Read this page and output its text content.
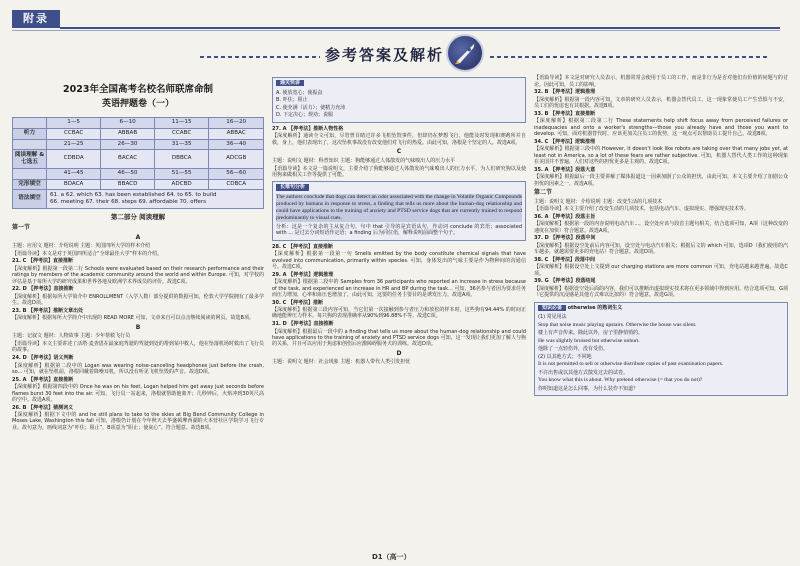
附录
参考答案及解析
2023年全国高考名校名师联席命制
英语押题卷（一）
	1—5	6—10	11—15	16—20
听力	CCBAC	ABBAB	CCABC	ABBAC
	21—25	26—30	31—35	36—40
阅读理解 & 七选五	CDBDA	BACAC	DBBCA	ADCGB
	41—45	46—50	51—55	56—60
完形填空	BDACA	BBACD	ADCBD	CDBCA
语法填空	61. a 62. which 63. has been established 64. to 65. to build
66. meeting 67. their 68. steps 69. affordable 70. offers			
第二部分 阅读理解
第一节
A

主题：应用文 题材：介绍说明 主题：英国四所大学的样本介绍

【语篇导读】本文是对于英国四所适合“全球最佳大学”样本的介绍。

21. C 【押考法】直接推断

【深度解析】根据第一段第二行 Schools were evaluated based on their research performance and their ratings by members of the academic community around the world and within Europe. 可知，对学校的评估是基于每所大学的研究成果和世界各地及欧洲学术界成员的评价。故选C项。

22. D 【押考法】直接推断

【深度解析】根据每所大学简介中 ENROLLMENT（入学人数）部分提供的数据可知，伦敦大学学院拥有了最多学生。故选D项。

23. B 【押考法】推断文章出处

【深度解析】根据每所大学简介中出现的 READ MORE 可知，文章来自可以点击继续阅读的网页。故选B项。

B

主题：记叙文 题材：人物故事 主题：少年帮救飞行员

【语篇导读】本文主要讲述了活塔·麦查恩在最家庭驾驶的驾驶到处的帮到某中救人，他在坠落机场时救出了飞行员的故事。

24. D 【押考法】语义判断

【深度解析】根据第二段中的 Logan was wearing noise-canceling headphones just before the crash, so... 可知，就在坠机前，洛根同戴着降噪耳机，所以没有听见飞机坠毁的声音。故选D项。

25. A 【押考法】直接推断

【深度解析】根据第四段中的 Once he was on his feet, Logan helped him get away just seconds before flames burst 30 feet into the air. 可知，飞行员一站起来，洛根就帮助他离开；几秒钟后，火焰冲到30英尺高的空中。故选A项。

26. B 【押考法】猜测词义

【深度解析】根据下文中的 and he still plans to take to the skies at Big Bend Community College in Moses Lake, Washington this fall 可知，洛根仍计划在今年秋天去华盛顿摩西湖的大本营社区学院学习飞行专业。故句意为，画线词意为“吓住；阻止”，B项意为“阻止；使灰心”。符合题意。故选B项。

通关快讲

A. 使放宽心；使振奋

B. 吓住；阻止

C. 使充满（活力）；使精力充沛

D. 下定决心；规劝；说服

27. A 【押考法】推断人物性格

【深度解析】通读全文可知，尽管曾目睹过许多飞机坠毁事件，但却仍在梦想飞行，他能及时发现和赛跑所并自救，身上，他们表现出了，这次坠机事故没有改变他们对飞行的热爱。由此可知，洛根是个坚定的人。故选A项。

C

主题：说明文 题材：科普知识 主题：狗能够通过人体散发的气味嗅出人的压力水平

【语篇导读】本文是一篇说明文，主要介绍了狗能够通过人体散发的气味嗅出人的压力水平，为人们研究狗以及使用狗来做相关工作等提供了可能。

长难句分析

The authors conclude that dogs can detect an odor associated with the change in Volatile Organic Compounds produced by humans in response to stress, a finding that tells us more about the human-dog relationship and could have applications to the training of anxiety and PTSD service dogs that are currently trained to respond predominantly to visual cues.

分析：这是一个复杂的主从复合句，句中 that 引导的是宾语从句，作动词 conclude 的宾语；associated with ... 是过去分词短语作定语；a finding 后为同位语，解释说明前面整个句子。

28. C 【押考法】直接推断

【深度解析】根据第一段第一句 Smells emitted by the body constitute chemical signals that have evolved into communication, primarily within species. 可知，身体发出的气味主要是作为物种间的沟通信号。故选C项。

29. A 【押考法】逻辑推理

【深度解析】根据第二段中的 Samples from 36 participants who reported an increase in stress because of the task, and experienced an increase in HR and BP during the task... 可知，36名参与者因为要求任务而压力增加，心率和血压也增加了，由此可知，这要的任务主要目的是诱发压力。故选A项。

30. C 【押考法】推断

【深度解析】根据第三段内容可知，当它们第一次接触到参与者压力和放松的样本时，这些狗有94.44% 的时间正确地能辨压力样本。每只狗的表现准确率从90%到96.88%不等。故选C项。

31. D 【押考法】直接推断

【深度解析】根据最后一段中的 a finding that tells us more about the human-dog relationship and could have applications to the training of anxiety and PTSD service dogs 可知，这一发现让我们更加了解人与狗的关系，并且可以应用于焦虑和创伤后应激障碍服务犬的训练。故选D项。

D

主题：说明文 题材：社会现象 主题：机器人带代人类引发担忧

【语篇导读】本文是对研究人员表示，机器常常会使用于员工的工作，而是非行为是否对他们有价值的问题与的讨论。因此可知，员工的影响。

32. B 【押考法】逻辑推理

【深度解析】根据第一段内容可知，文章的研究人员表示，机器会替代员工，这一现象常使员工产生恐惧与不安，员工们的忧虑也有其根据。故选B项。

33. B 【押考法】直接推断

【深度解析】根据第二段第二行 These statements help shift focus away from perceived failures or inadequacies and onto a worker's strengths—those you already have and those you want to develop. 可知，面对机器替代时，应该更加关注员工的优势，这一观点可以帮助员工提升自己。故选B项。

34. C 【押考法】逻辑推理

【深度解析】根据第三段中的 However, it doesn't look like robots are taking over that many jobs yet, at least not in America, so a lot of these fears are rather subjective. 可知，机器人替代人类工作的这种现象在美国并不普遍，人们对这些的担忧更多是主观的。故选C项。

35. A 【押考法】段落大意

【深度解析】根据最后一段主要讲解了媒体报道这一因素加剧了公众的担忧，由此可知，本文主要介绍了加剧公众担忧的因素之一，故选A项。

第二节

主题：说明文 题材：介绍说明 主题：改变生活的几项技术

【语篇导读】本文主要介绍了改变生活的几项技术，包括电动汽车、虚拟现实、增强现实技术等。

36. A 【押考法】段落主旨

【深度解析】根据第一段的内容说明电动汽车...，设空处应该与段首主题句相关，结合选项可知，A项（这种改变的速度在加快）符合题意。故选A项。

37. D 【押考法】段落中间

【深度解析】根据设空处前后内容可知，设空处与电动汽车相关；根据后文的 which 可知，选项D（我们使用的汽车越多，就越需要更多的充电站）符合题意。故选D项。

38. C 【押考法】段落中间

【深度解析】根据设空处上文提到 our charging stations are more common 可知，充电站越来越普遍。故选C项。

39. G 【押考法】段落结尾

【深度解析】根据设空处后面的内容，我们可以推断出虚拟现实技术将在更多领域中得到应用。结合选项可知，G项（它提供的沉浸感是其他方式难以比拟的）符合题意。故选G项。

知识必备 otherwise 的熟词生义

(1) 常见用法

Stop that noise music playing upstairs. Otherwise the house was silent.

楼上有声音传来。除此以外，房子里静悄悄的。

He was slightly bruised but otherwise unhurt.

他除了一点轻伤外，没有受伤。

(2) 以其他方式；不同地

It is not permitted to sell or otherwise distribute copies of past examination papers.

不许出售或以其他方式散发过去的试卷。

You know what this is about. Why pretend otherwise (= that you do not)?

你明知道这是怎么回事，为什么装作不知道？

D1（高一）
